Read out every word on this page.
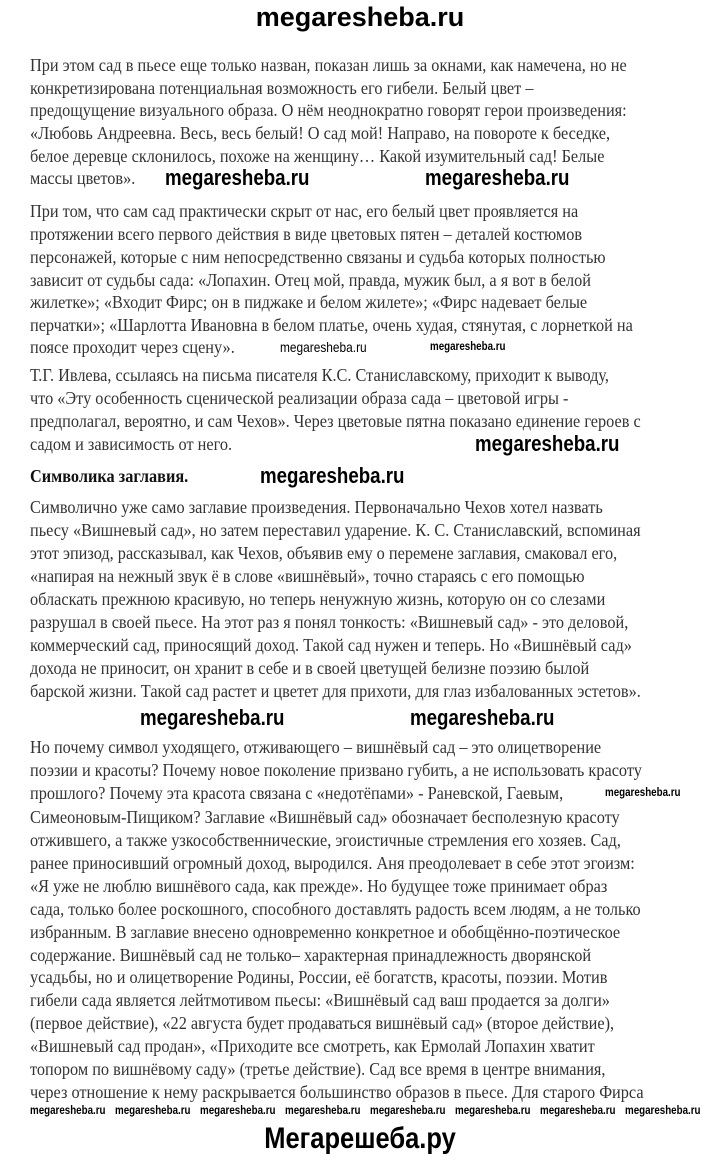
megaresheba.ru
При этом сад в пьесе еще только назван, показан лишь за окнами, как намечена, но не
конкретизирована потенциальная возможность его гибели. Белый цвет –
предощущение визуального образа. О нём неоднократно говорят герои произведения:
«Любовь Андреевна. Весь, весь белый! О сад мой! Направо, на повороте к беседке,
белое деревце склонилось, похоже на женщину… Какой изумительный сад! Белые
массы цветов».
При том, что сам сад практически скрыт от нас, его белый цвет проявляется на
протяжении всего первого действия в виде цветовых пятен – деталей костюмов
персонажей, которые с ним непосредственно связаны и судьба которых полностью
зависит от судьбы сада: «Лопахин. Отец мой, правда, мужик был, а я вот в белой
жилетке»; «Входит Фирс; он в пиджаке и белом жилете»; «Фирс надевает белые
перчатки»; «Шарлотта Ивановна в белом платье, очень худая, стянутая, с лорнеткой на
поясе проходит через сцену».
Т.Г. Ивлева, ссылаясь на письма писателя К.С. Станиславскому, приходит к выводу,
что «Эту особенность сценической реализации образа сада – цветовой игры -
предполагал, вероятно, и сам Чехов». Через цветовые пятна показано единение героев с
садом и зависимость от него.
Символика заглавия.
Символично уже само заглавие произведения. Первоначально Чехов хотел назвать
пьесу «Вишневый сад», но затем переставил ударение. К. С. Станиславский, вспоминая
этот эпизод, рассказывал, как Чехов, объявив ему о перемене заглавия, смаковал его,
«напирая на нежный звук ё в слове «вишнёвый», точно стараясь с его помощью
обласкать прежнюю красивую, но теперь ненужную жизнь, которую он со слезами
разрушал в своей пьесе. На этот раз я понял тонкость: «Вишневый сад» - это деловой,
коммерческий сад, приносящий доход. Такой сад нужен и теперь. Но «Вишнёвый сад»
дохода не приносит, он хранит в себе и в своей цветущей белизне поэзию былой
барской жизни. Такой сад растет и цветет для прихоти, для глаз избалованных эстетов».
Но почему символ уходящего, отживающего – вишнёвый сад – это олицетворение
поэзии и красоты? Почему новое поколение призвано губить, а не использовать красоту
прошлого? Почему эта красота связана с «недотёпами» - Раневской, Гаевым,
Симеоновым-Пищиком? Заглавие «Вишнёвый сад» обозначает бесполезную красоту
отжившего, а также узкособственнические, эгоистичные стремления его хозяев. Сад,
ранее приносивший огромный доход, выродился. Аня преодолевает в себе этот эгоизм:
«Я уже не люблю вишнёвого сада, как прежде». Но будущее тоже принимает образ
сада, только более роскошного, способного доставлять радость всем людям, а не только
избранным. В заглавие внесено одновременно конкретное и обобщённо-поэтическое
содержание. Вишнёвый сад не только– характерная принадлежность дворянской
усадьбы, но и олицетворение Родины, России, её богатств, красоты, поэзии. Мотив
гибели сада является лейтмотивом пьесы: «Вишнёвый сад ваш продается за долги»
(первое действие), «22 августа будет продаваться вишнёвый сад» (второе действие),
«Вишневый сад продан», «Приходите все смотреть, как Ермолай Лопахин хватит
топором по вишнёвому саду» (третье действие). Сад все время в центре внимания,
через отношение к нему раскрывается большинство образов в пьесе. Для старого Фирса
megaresheba.ru	megaresheba.ru
megaresheba.ru	megaresheba.ru
megaresheba.ru
megaresheba.ru
megaresheba.ru	megaresheba.ru
megaresheba.ru
megaresheba.ru megaresheba.ru megaresheba.ru megaresheba.ru megaresheba.ru megaresheba.ru megaresheba.ru megaresheba.ru
Мегарешеба.ру
